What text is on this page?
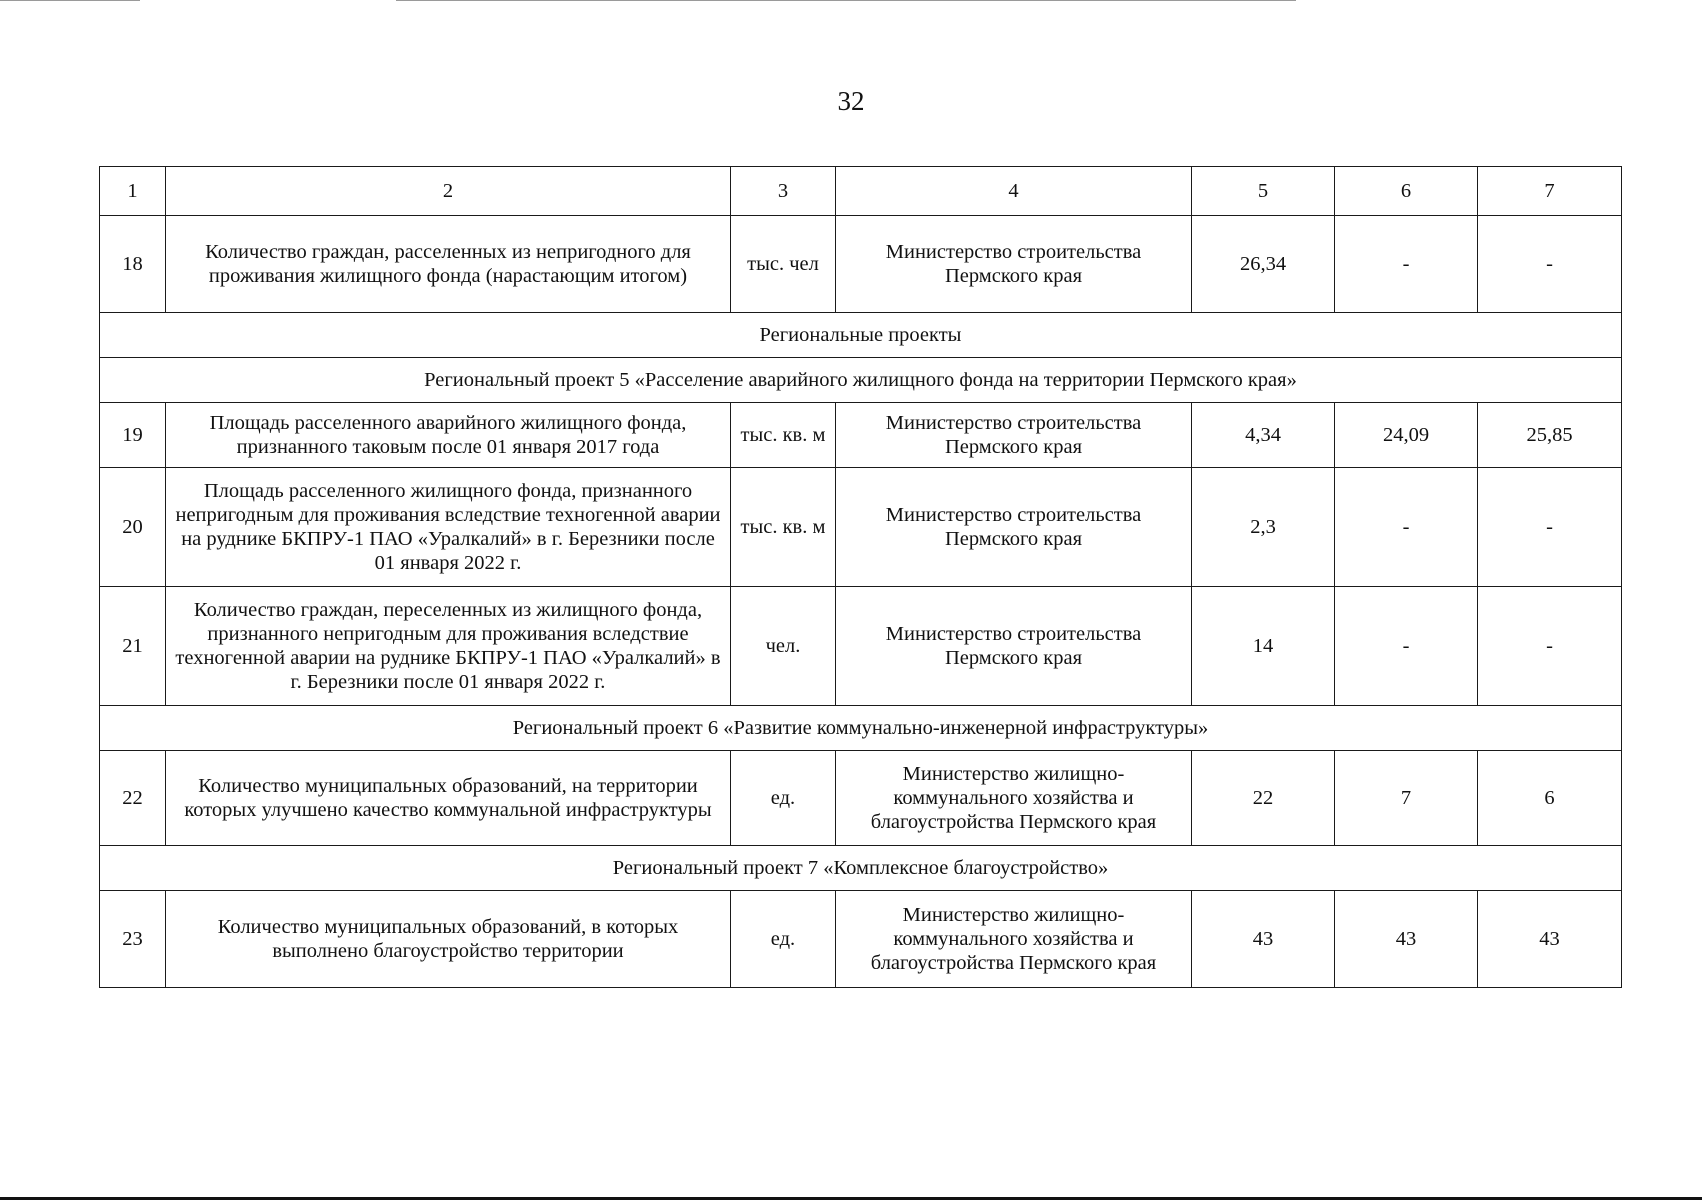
32
1	2	3	4	5	6	7
18	Количество граждан, расселенных из непригодного для проживания жилищного фонда (нарастающим итогом)	тыс. чел	Министерство строительства Пермского края	26,34	-	-
Региональные проекты						
Региональный проект 5 «Расселение аварийного жилищного фонда на территории Пермского края»						
19	Площадь расселенного аварийного жилищного фонда, признанного таковым после 01 января 2017 года	тыс. кв. м	Министерство строительства Пермского края	4,34	24,09	25,85
20	Площадь расселенного жилищного фонда, признанного непригодным для проживания вследствие техногенной аварии на руднике БКПРУ-1 ПАО «Уралкалий» в г. Березники после 01 января 2022 г.	тыс. кв. м	Министерство строительства Пермского края	2,3	-	-
21	Количество граждан, переселенных из жилищного фонда, признанного непригодным для проживания вследствие техногенной аварии на руднике БКПРУ-1 ПАО «Уралкалий» в г. Березники после 01 января 2022 г.	чел.	Министерство строительства Пермского края	14	-	-
Региональный проект 6 «Развитие коммунально-инженерной инфраструктуры»						
22	Количество муниципальных образований, на территории которых улучшено качество коммунальной инфраструктуры	ед.	Министерство жилищно-коммунального хозяйства и благоустройства Пермского края	22	7	6
Региональный проект 7 «Комплексное благоустройство»						
23	Количество муниципальных образований, в которых выполнено благоустройство территории	ед.	Министерство жилищно-коммунального хозяйства и благоустройства Пермского края	43	43	43
